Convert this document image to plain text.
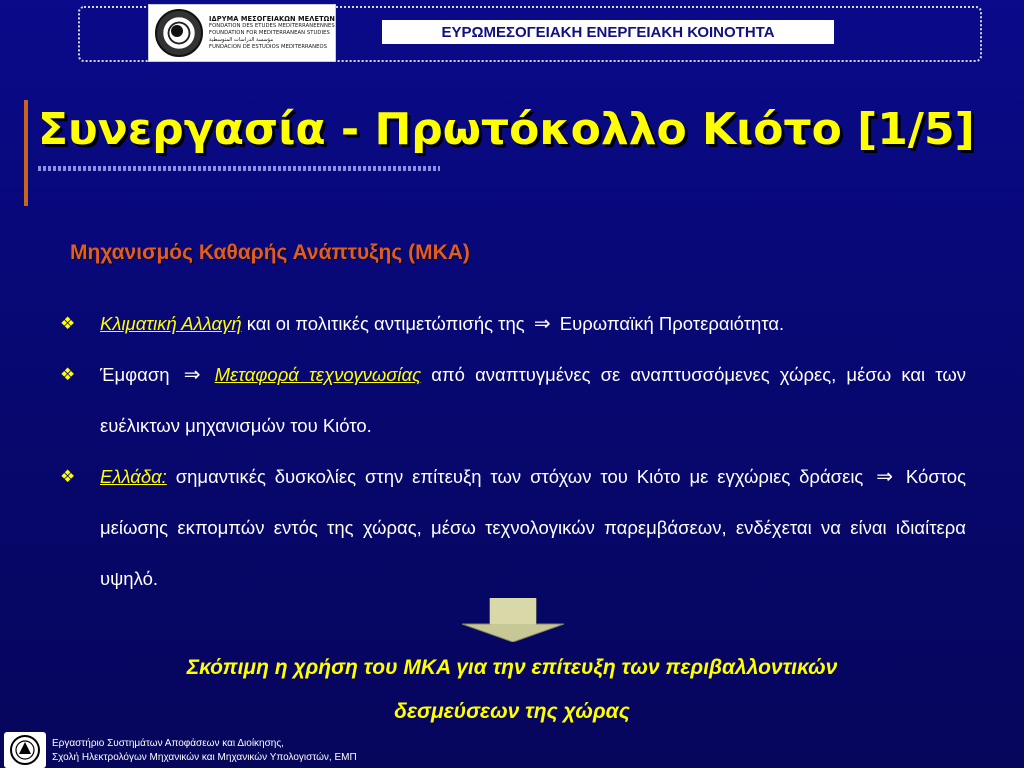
ΙΔΡΥΜΑ ΜΕΣΟΓΕΙΑΚΩΝ ΜΕΛΕΤΩΝ
FONDATION DES ETUDES MEDITERRANEENNES
FOUNDATION FOR MEDITERRANEAN STUDIES
مؤسسة الدراسات المتوسطية
FUNDACION DE ESTUDIOS MEDITERRANEOS
ΕΥΡΩΜΕΣΟΓΕΙΑΚΗ ΕΝΕΡΓΕΙΑΚΗ ΚΟΙΝΟΤΗΤΑ
Συνεργασία - Πρωτόκολλο Κιότο [1/5]
Μηχανισμός Καθαρής Ανάπτυξης (ΜΚΑ)
❖ Κλιματική Αλλαγή και οι πολιτικές αντιμετώπισής της ⇒ Ευρωπαϊκή Προτεραιότητα.
❖ Έμφαση ⇒ Μεταφορά τεχνογνωσίας από αναπτυγμένες σε αναπτυσσόμενες χώρες, μέσω και των ευέλικτων μηχανισμών του Κιότο.
❖ Ελλάδα: σημαντικές δυσκολίες στην επίτευξη των στόχων του Κιότο με εγχώριες δράσεις ⇒ Κόστος μείωσης εκπομπών εντός της χώρας, μέσω τεχνολογικών παρεμβάσεων, ενδέχεται να είναι ιδιαίτερα υψηλό.

Σκόπιμη η χρήση του ΜΚΑ για την επίτευξη των περιβαλλοντικών
δεσμεύσεων της χώρας

Εργαστήριο Συστημάτων Αποφάσεων και Διοίκησης,
Σχολή Ηλεκτρολόγων Μηχανικών και Μηχανικών Υπολογιστών, ΕΜΠ
